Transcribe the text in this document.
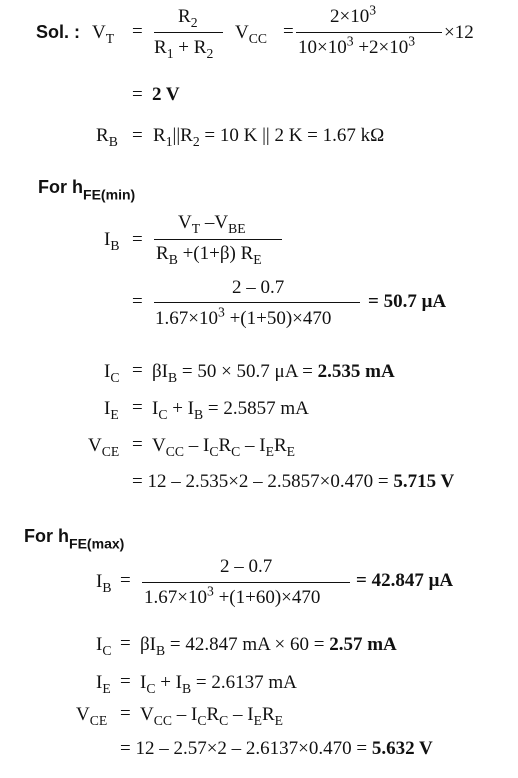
Sol. : $V_T$ =
$R_2$
$R_1 + R_2$
$V_{CC}$ =
$2\times 10^3$
$10\times 10^3 +2\times 10^3 \times 12$
= 2 V
$R_B = R_1||R_2 = 10$ K || 2 K = 1.67 kΩ
For $h_{FE(min)}$
$I_B$ =
$V_T$ $-V_{BE}$
$R_B +(1+\beta)$ $R_E$
=
2 – 0.7
$1.67\times 10^3 +(1+50)\times 470$
= 50.7 μA
$I_C = \beta I_B = 50 \times 50.7$ μA = 2.535 mA
$I_E = I_C + I_B = 2.5857$ mA
$V_{CE} = V_{CC} - I_CR_C - I_ER_E$
= 12 – 2.535×2 – 2.5857×0.470 = 5.715 V
For $h_{FE(max)}$
$I_B$ =
2 – 0.7
$1.67\times 10^3 +(1+60)\times 470$
= 42.847 μA
$I_C = \beta I_B = 42.847$ mA × 60 = 2.57 mA
$I_E = I_C + I_B = 2.6137$ mA
$V_{CE} = V_{CC} - I_CR_C - I_ER_E$
= 12 – 2.57×2 – 2.6137×0.470 = 5.632 V
